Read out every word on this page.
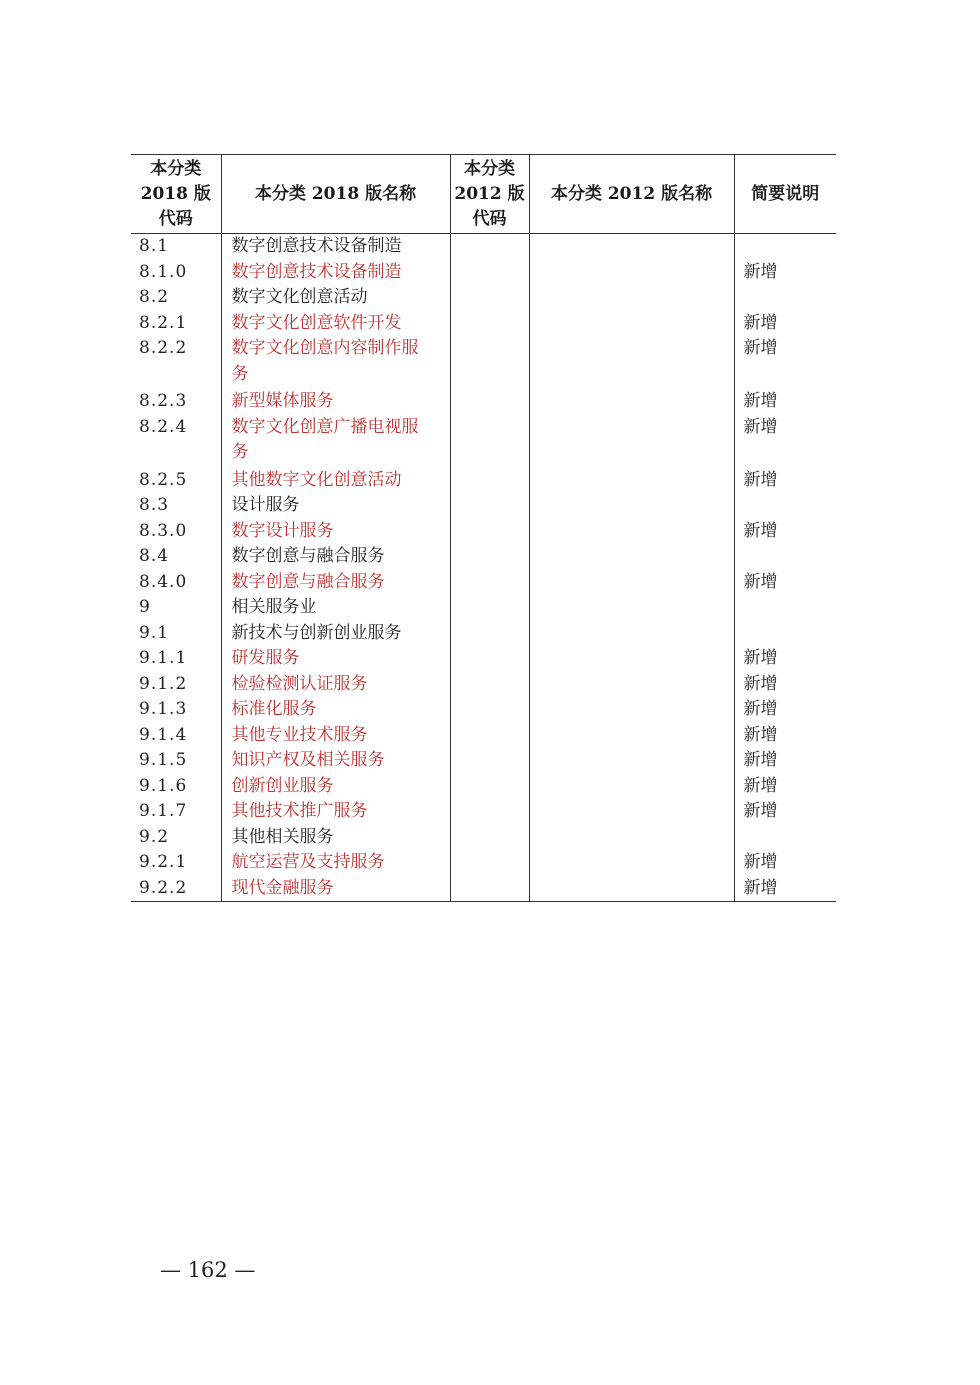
本分类
2018 版
代码	本分类 2018 版名称	本分类
2012 版
代码	本分类 2012 版名称	简要说明
8.1	数字创意技术设备制造			
8.1.0	数字创意技术设备制造			新增
8.2	数字文化创意活动			
8.2.1	数字文化创意软件开发			新增
8.2.2	数字文化创意内容制作服务			新增
8.2.3	新型媒体服务			新增
8.2.4	数字文化创意广播电视服务			新增
8.2.5	其他数字文化创意活动			新增
8.3	设计服务			
8.3.0	数字设计服务			新增
8.4	数字创意与融合服务			
8.4.0	数字创意与融合服务			新增
9	相关服务业			
9.1	新技术与创新创业服务			
9.1.1	研发服务			新增
9.1.2	检验检测认证服务			新增
9.1.3	标准化服务			新增
9.1.4	其他专业技术服务			新增
9.1.5	知识产权及相关服务			新增
9.1.6	创新创业服务			新增
9.1.7	其他技术推广服务			新增
9.2	其他相关服务			
9.2.1	航空运营及支持服务			新增
9.2.2	现代金融服务			新增
— 162 —
